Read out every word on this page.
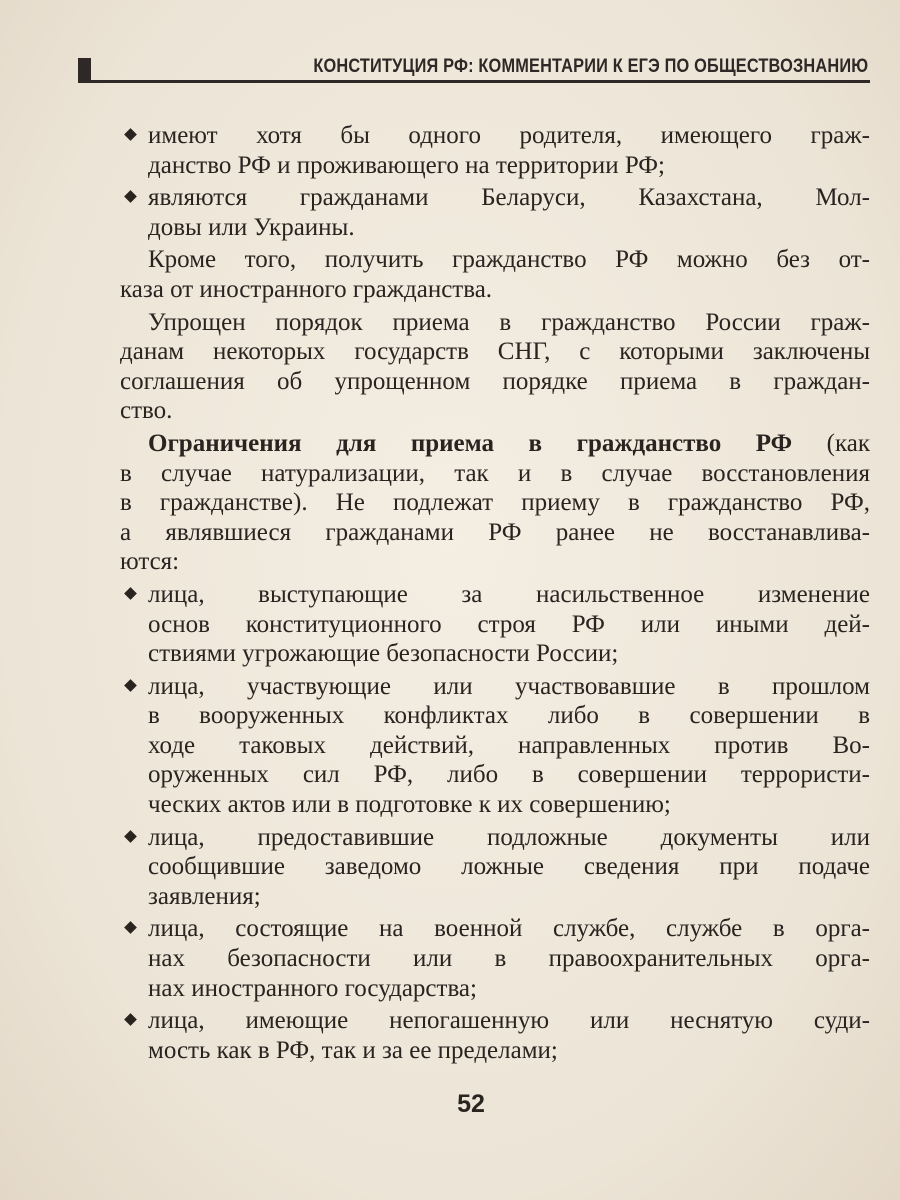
КОНСТИТУЦИЯ РФ: КОММЕНТАРИИ К ЕГЭ ПО ОБЩЕСТВОЗНАНИЮ
имеют хотя бы одного родителя, имеющего граж-
данство РФ и проживающего на территории РФ;
являются гражданами Беларуси, Казахстана, Мол-
довы или Украины.
Кроме того, получить гражданство РФ можно без от-
каза от иностранного гражданства.
Упрощен порядок приема в гражданство России граж-
данам некоторых государств СНГ, с которыми заключены
соглашения об упрощенном порядке приема в граждан-
ство.
Ограничения для приема в гражданство РФ (как
в случае натурализации, так и в случае восстановления
в гражданстве). Не подлежат приему в гражданство РФ,
а являвшиеся гражданами РФ ранее не восстанавлива-
ются:
лица, выступающие за насильственное изменение
основ конституционного строя РФ или иными дей-
ствиями угрожающие безопасности России;
лица, участвующие или участвовавшие в прошлом
в вооруженных конфликтах либо в совершении в
ходе таковых действий, направленных против Во-
оруженных сил РФ, либо в совершении террористи-
ческих актов или в подготовке к их совершению;
лица, предоставившие подложные документы или
сообщившие заведомо ложные сведения при подаче
заявления;
лица, состоящие на военной службе, службе в орга-
нах безопасности или в правоохранительных орга-
нах иностранного государства;
лица, имеющие непогашенную или неснятую суди-
мость как в РФ, так и за ее пределами;
52
